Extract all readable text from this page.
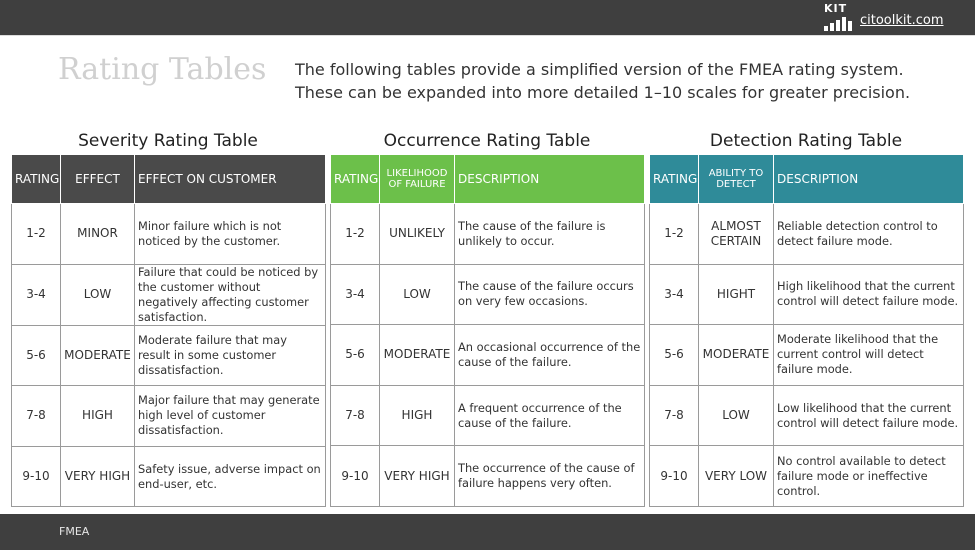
KIT
citoolkit.com
Rating Tables The following tables provide a simplified version of the FMEA rating system.
These can be expanded into more detailed 1–10 scales for greater precision.
Severity Rating Table
RATING	EFFECT	EFFECT ON CUSTOMER
1-2	MINOR	Minor failure which is not noticed by the customer.
3-4	LOW	Failure that could be noticed by the customer without negatively affecting customer satisfaction.
5-6	MODERATE	Moderate failure that may result in some customer dissatisfaction.
7-8	HIGH	Major failure that may generate high level of customer dissatisfaction.
9-10	VERY HIGH	Safety issue, adverse impact on end-user, etc.
Occurrence Rating Table
RATING	LIKELIHOOD OF FAILURE	DESCRIPTION
1-2	UNLIKELY	The cause of the failure is unlikely to occur.
3-4	LOW	The cause of the failure occurs on very few occasions.
5-6	MODERATE	An occasional occurrence of the cause of the failure.
7-8	HIGH	A frequent occurrence of the cause of the failure.
9-10	VERY HIGH	The occurrence of the cause of failure happens very often.
Detection Rating Table
RATING	ABILITY TO DETECT	DESCRIPTION
1-2	ALMOST CERTAIN	Reliable detection control to detect failure mode.
3-4	HIGHT	High likelihood that the current control will detect failure mode.
5-6	MODERATE	Moderate likelihood that the current control will detect failure mode.
7-8	LOW	Low likelihood that the current control will detect failure mode.
9-10	VERY LOW	No control available to detect failure mode or ineffective control.
FMEA
